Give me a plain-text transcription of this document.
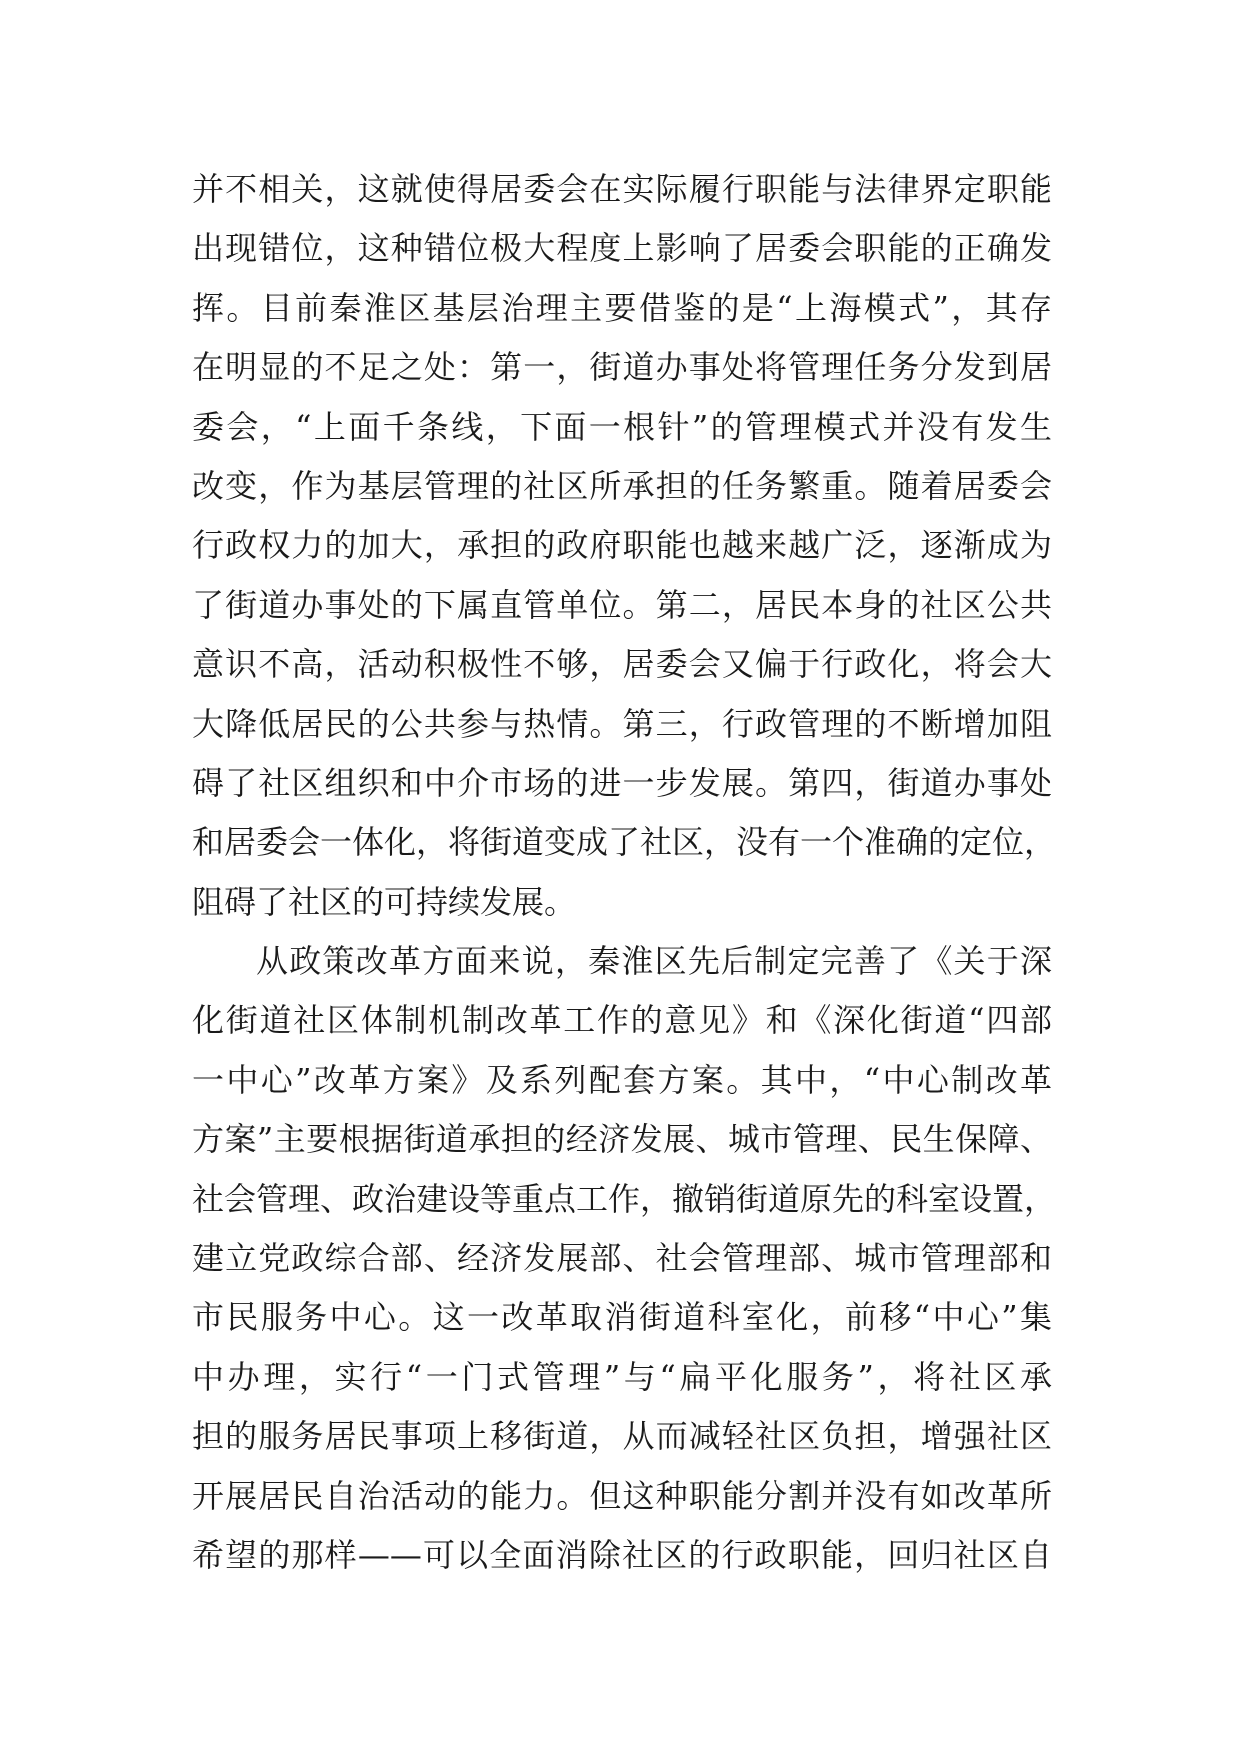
并不相关，这就使得居委会在实际履行职能与法律界定职能
出现错位，这种错位极大程度上影响了居委会职能的正确发
挥。目前秦淮区基层治理主要借鉴的是“上海模式”，其存
在明显的不足之处：第一，街道办事处将管理任务分发到居
委会，“上面千条线，下面一根针”的管理模式并没有发生
改变，作为基层管理的社区所承担的任务繁重。随着居委会
行政权力的加大，承担的政府职能也越来越广泛，逐渐成为
了街道办事处的下属直管单位。第二，居民本身的社区公共
意识不高，活动积极性不够，居委会又偏于行政化，将会大
大降低居民的公共参与热情。第三，行政管理的不断增加阻
碍了社区组织和中介市场的进一步发展。第四，街道办事处
和居委会一体化，将街道变成了社区，没有一个准确的定位，
阻碍了社区的可持续发展。
从政策改革方面来说，秦淮区先后制定完善了《关于深
化街道社区体制机制改革工作的意见》和《深化街道“四部
一中心”改革方案》及系列配套方案。其中，“中心制改革
方案”主要根据街道承担的经济发展、城市管理、民生保障、
社会管理、政治建设等重点工作，撤销街道原先的科室设置，
建立党政综合部、经济发展部、社会管理部、城市管理部和
市民服务中心。这一改革取消街道科室化，前移“中心”集
中办理，实行“一门式管理”与“扁平化服务”，将社区承
担的服务居民事项上移街道，从而减轻社区负担，增强社区
开展居民自治活动的能力。但这种职能分割并没有如改革所
希望的那样——可以全面消除社区的行政职能，回归社区自
